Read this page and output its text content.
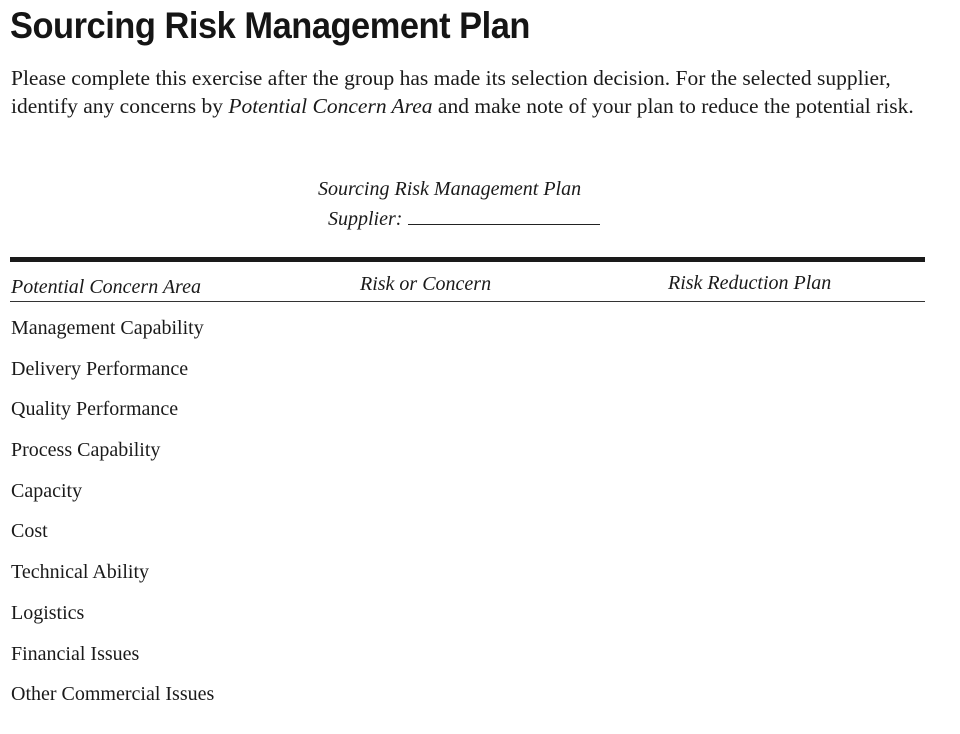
Sourcing Risk Management Plan

Please complete this exercise after the group has made its selection decision. For the selected supplier, identify any concerns by Potential Concern Area and make note of your plan to reduce the potential risk.

Sourcing Risk Management Plan
Supplier:
Potential Concern Area	Risk or Concern	Risk Reduction Plan
Management Capability
Delivery Performance
Quality Performance
Process Capability
Capacity
Cost
Technical Ability
Logistics
Financial Issues
Other Commercial Issues
